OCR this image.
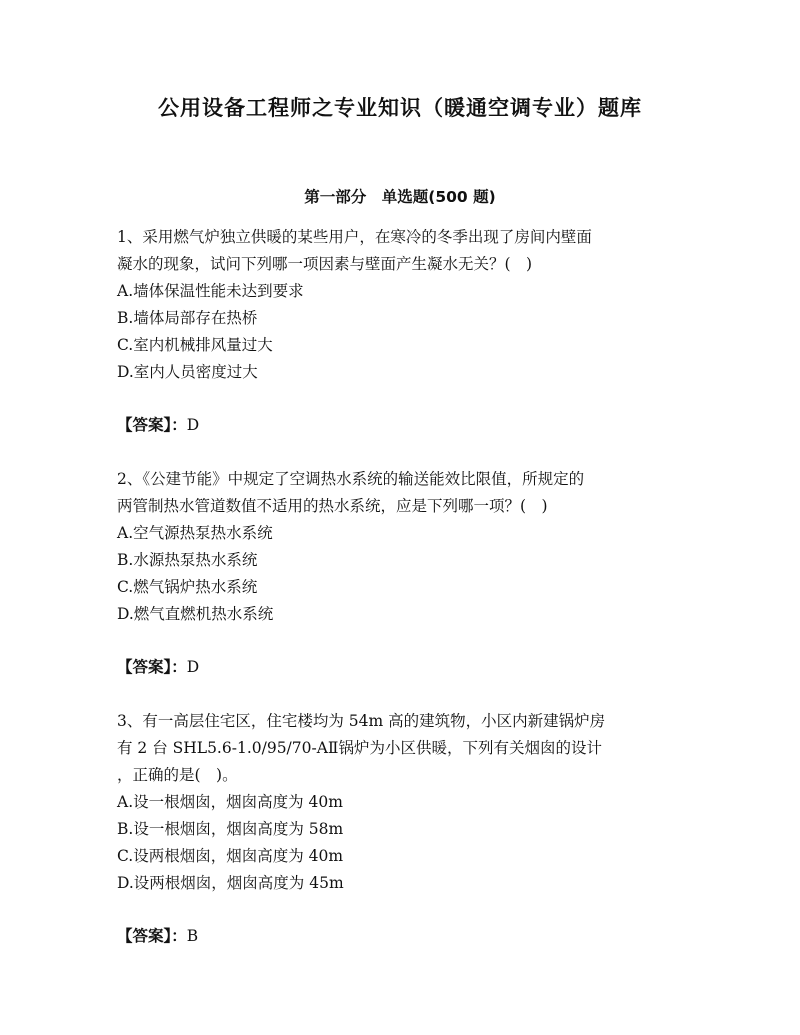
公用设备工程师之专业知识（暖通空调专业）题库
第一部分　单选题(500 题)

1、采用燃气炉独立供暖的某些用户，在寒冷的冬季出现了房间内壁面

凝水的现象，试问下列哪一项因素与壁面产生凝水无关？(　)

A.墙体保温性能未达到要求

B.墙体局部存在热桥

C.室内机械排风量过大

D.室内人员密度过大

【答案】：D

2、《公建节能》中规定了空调热水系统的输送能效比限值，所规定的

两管制热水管道数值不适用的热水系统，应是下列哪一项？(　)

A.空气源热泵热水系统

B.水源热泵热水系统

C.燃气锅炉热水系统

D.燃气直燃机热水系统

【答案】：D

3、有一高层住宅区，住宅楼均为 54m 高的建筑物，小区内新建锅炉房

有 2 台 SHL5.6-1.0/95/70-AⅡ锅炉为小区供暖，下列有关烟囱的设计

，正确的是(　)。

A.设一根烟囱，烟囱高度为 40m

B.设一根烟囱，烟囱高度为 58m

C.设两根烟囱，烟囱高度为 40m

D.设两根烟囱，烟囱高度为 45m

【答案】：B
